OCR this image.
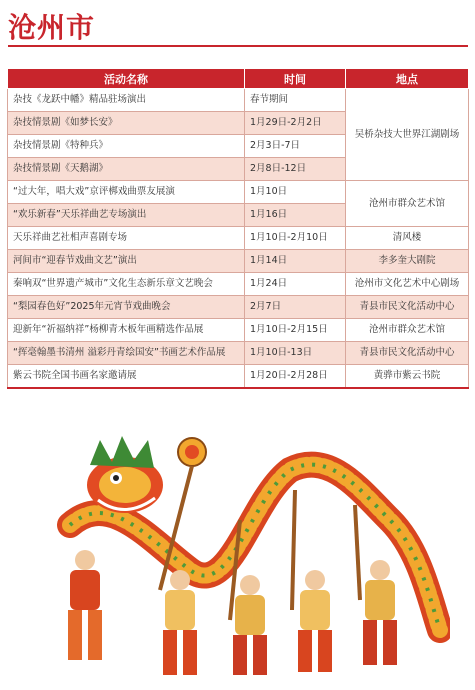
沧州市
活动名称	时间	地点
杂技《龙跃中幡》精品驻场演出	春节期间	吴桥杂技大世界江湖剧场
杂技情景剧《如梦长安》	1月29日-2月2日	
杂技情景剧《特种兵》	2月3日-7日	
杂技情景剧《天鹅湖》	2月8日-12日	
“过大年，唱大戏”京评梆戏曲票友展演	1月10日	沧州市群众艺术馆
“欢乐新春”天乐祥曲艺专场演出	1月16日	
天乐祥曲艺社相声喜剧专场	1月10日-2月10日	清风楼
河间市“迎春节戏曲文艺”演出	1月14日	李多奎大剧院
秦响双“世界遗产城市”文化生态新乐章文艺晚会	1月24日	沧州市文化艺术中心剧场
“梨园春色好”2025年元宵节戏曲晚会	2月7日	青县市民文化活动中心
迎新年“祈福纳祥”杨柳青木板年画精选作品展	1月10日-2月15日	沧州市群众艺术馆
“挥毫翰墨书清州 溢彩丹青绘国安”书画艺术作品展	1月10日-13日	青县市民文化活动中心
紫云书院全国书画名家邀请展	1月20日-2月28日	黄骅市紫云书院
